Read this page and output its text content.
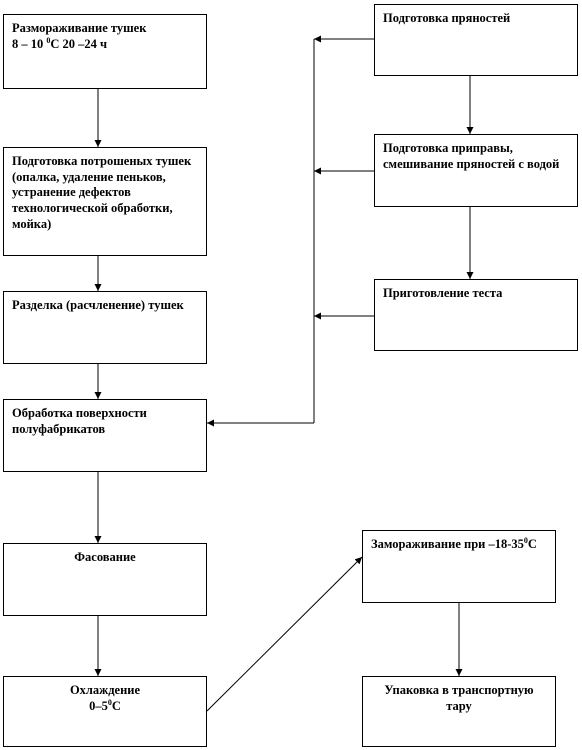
Размораживание тушек
8 – 10 $^0$С 20 –24 ч
Подготовка потрошеных тушек (опалка, удаление пеньков, устранение дефектов технологической обработки, мойка)
Разделка (расчленение) тушек
Обработка поверхности полуфабрикатов
Фасование
Охлаждение
$0-5^0С$
Подготовка пряностей
Подготовка приправы, смешивание пряностей с водой
Приготовление теста
Замораживание при $-18-35^0С$
Упаковка в транспортную тару
